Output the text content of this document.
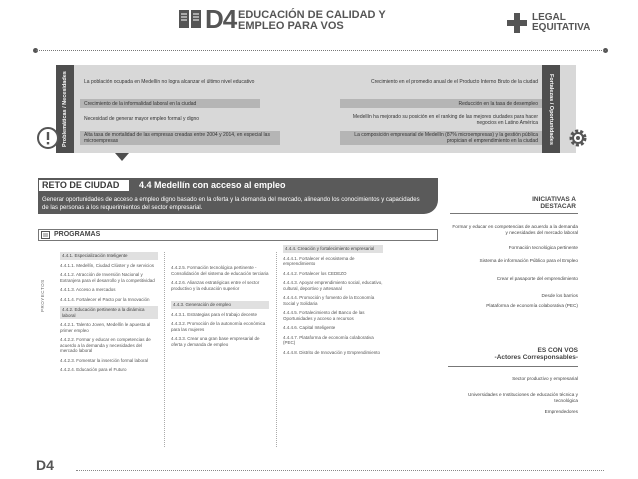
D4 EDUCACIÓN DE CALIDAD Y
EMPLEO PARA VOS
LEGAL
EQUITATIVA
Problemáticas / Necesidades	Fortalezas / Oportunidades
La población ocupada en Medellín no logra alcanzar el último nivel educativo
Crecimiento de la informalidad laboral en la ciudad
Necesidad de generar mayor empleo formal y digno
Alta tasa de mortalidad de las empresas creadas entre 2004 y 2014, en especial las microempresas
Crecimiento en el promedio anual de el Producto Interno Bruto de la ciudad
Reducción en la tasa de desempleo
Medellín ha mejorado su posición en el ranking de las mejores ciudades para hacer negocios en Latino América
La composición empresarial de Medellín (87% microempresas) y la gestión pública propician el emprendimiento en la ciudad
RETO DE CIUDAD 4.4 Medellín con acceso al empleo
Generar oportunidades de acceso a empleo digno basado en la oferta y la demanda del mercado, alineando los conocimientos y capacidades de las personas a los requerimientos del sector empresarial.
PROGRAMAS
PROYECTOS
4.4.1. Especialización Inteligente
4.4.1.1. Medellín, Ciudad Clúster y de servicios
4.4.1.2. Atracción de Inversión Nacional y Extranjera para el desarrollo y la competitividad
4.4.1.3. Acceso a mercados
4.4.1.4. Fortalecer el Pacto por la Innovación
4.4.2. Educación pertinente a la dinámica laboral
4.4.2.1. Talento Joven, Medellín le apuesta al primer empleo
4.4.2.2. Formar y educar en competencias de acuerdo a la demanda y necesidades del mercado laboral
4.4.2.3. Fomentar la inserción formal laboral
4.4.2.4. Educación para el Futuro
4.4.2.5. Formación tecnológica pertinente -Consolidación del sistema de educación terciaria
4.4.2.6. Alianzas estratégicas entre el sector productivo y la educación superior
4.4.3. Generación de empleo
4.4.3.1. Estrategias para el trabajo decente
4.4.3.2. Promoción de la autonomía económica para las mujeres
4.4.3.3. Crear una gran base empresarial de oferta y demanda de empleo
4.4.4. Creación y fortalecimiento empresarial
4.4.4.1. Fortalecer el ecosistema de emprendimiento
4.4.4.2. Fortalecer los CEDEZO
4.4.4.3. Apoyar emprendimiento social, educativo, cultural, deportivo y artesanal
4.4.4.4. Promoción y fomento de la Economía Social y Solidaria
4.4.4.5. Fortalecimiento del Banco de las Oportunidades y acceso a recursos
4.4.4.6. Capital Inteligente
4.4.4.7. Plataforma de economía colaborativa (PEC)
4.4.4.8. Distrito de Innovación y Emprendimiento
INICIATIVAS A
DESTACAR
Formar y educar en competencias de acuerdo a la demanda y necesidades del mercado laboral
Formación tecnológica pertinente
Sistema de información Público para el Empleo
Crear el pasaporte del emprendimiento
Desde los barrios
Plataforma de economía colaborativa (PEC)
ES CON VOS
-Actores Corresponsables-
Sector productivo y empresarial
Universidades e Instituciones de educación técnica y tecnológica
Emprendedores
D4
